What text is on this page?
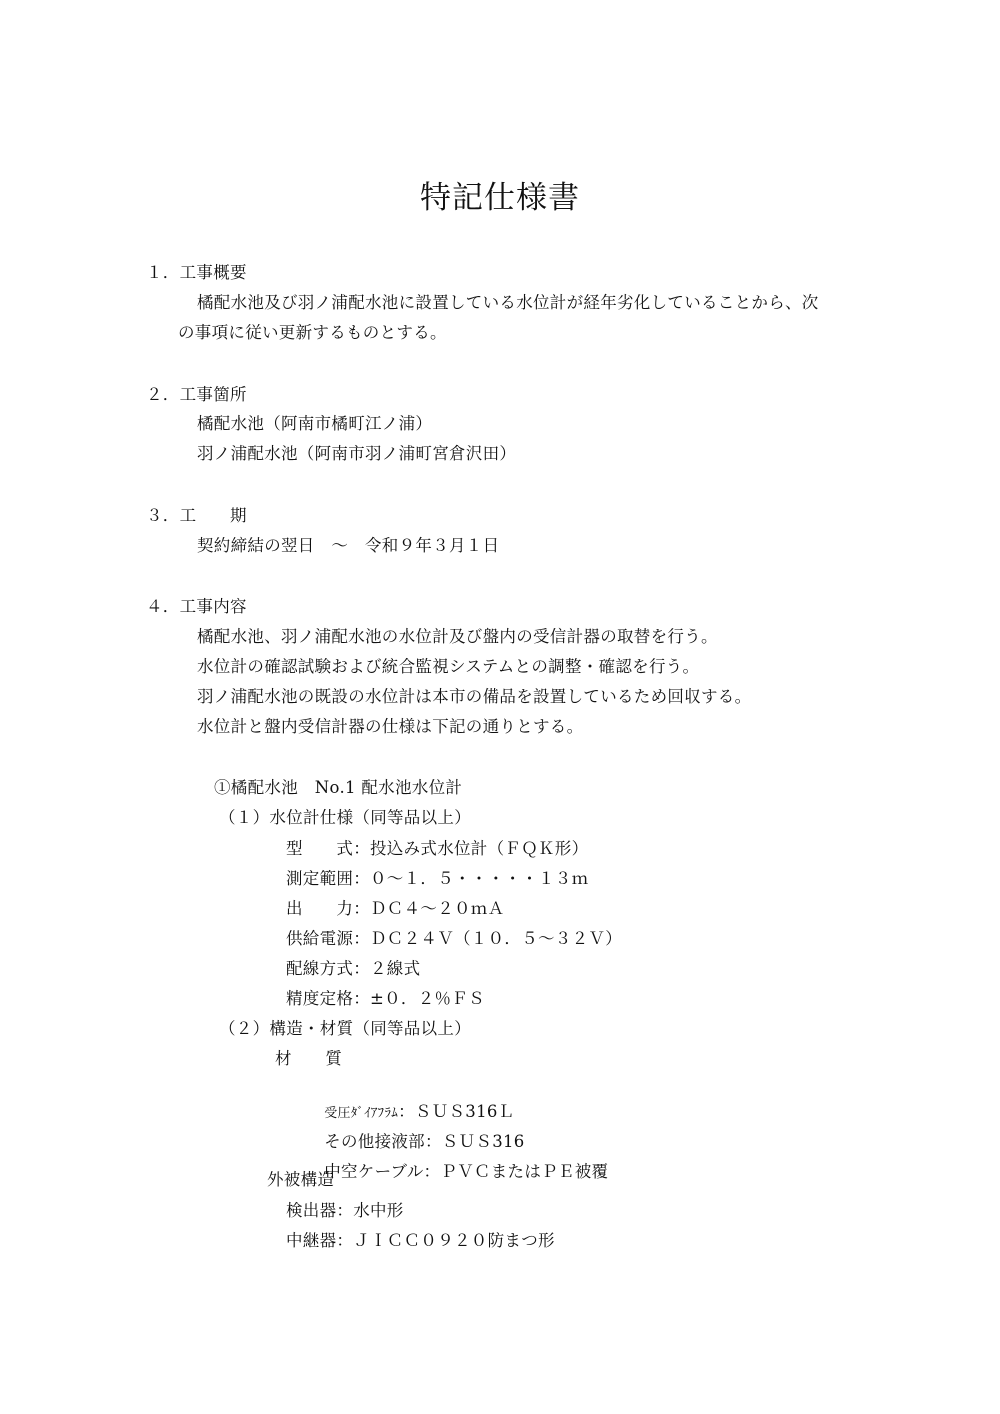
特記仕様書
１．工事概要
橘配水池及び羽ノ浦配水池に設置している水位計が経年劣化していることから、次
の事項に従い更新するものとする。
２．工事箇所
橘配水池（阿南市橘町江ノ浦）
羽ノ浦配水池（阿南市羽ノ浦町宮倉沢田）
３．工　　期
契約締結の翌日　～　令和９年３月１日
４．工事内容
橘配水池、羽ノ浦配水池の水位計及び盤内の受信計器の取替を行う。
水位計の確認試験および統合監視システムとの調整・確認を行う。
羽ノ浦配水池の既設の水位計は本市の備品を設置しているため回収する。
水位計と盤内受信計器の仕様は下記の通りとする。
①橘配水池　No.1 配水池水位計
（１）水位計仕様（同等品以上）
型　　式：投込み式水位計（ＦＱＫ形）
測定範囲：０～１．５・・・・・１３ｍ
出　　力：ＤＣ４～２０ｍＡ
供給電源：ＤＣ２４Ｖ（１０．５～３２Ｖ）
配線方式：２線式
精度定格：±０．２％ＦＳ
（２）構造・材質（同等品以上）
材　　質

受圧ﾀﾞｲｱﾌﾗﾑ：ＳＵＳ316Ｌ

その他接液部：ＳＵＳ316

中空ケーブル：ＰＶＣまたはＰＥ被覆

外被構造
検出器：水中形
中継器：ＪＩＣＣ０９２０防まつ形
